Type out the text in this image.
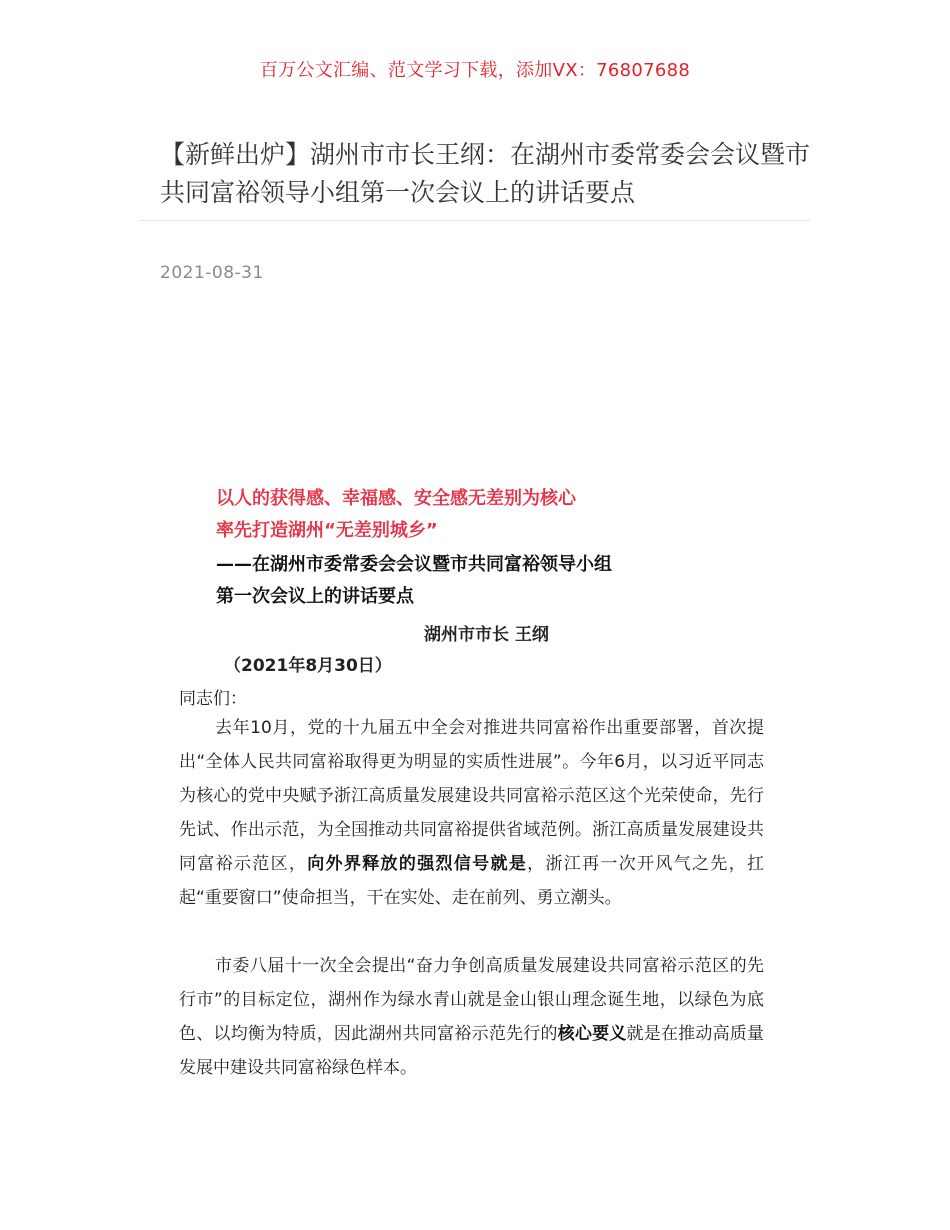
百万公文汇编、范文学习下载，添加VX：76807688
【新鲜出炉】湖州市市长王纲：在湖州市委常委会会议暨市共同富裕领导小组第一次会议上的讲话要点
2021-08-31
以人的获得感、幸福感、安全感无差别为核心
率先打造湖州“无差别城乡”
——在湖州市委常委会会议暨市共同富裕领导小组
第一次会议上的讲话要点
湖州市市长 王纲
（2021年8月30日）
同志们：

去年10月，党的十九届五中全会对推进共同富裕作出重要部署，首次提出“全体人民共同富裕取得更为明显的实质性进展”。今年6月，以习近平同志为核心的党中央赋予浙江高质量发展建设共同富裕示范区这个光荣使命，先行先试、作出示范，为全国推动共同富裕提供省域范例。浙江高质量发展建设共同富裕示范区，向外界释放的强烈信号就是，浙江再一次开风气之先，扛起“重要窗口”使命担当，干在实处、走在前列、勇立潮头。

市委八届十一次全会提出“奋力争创高质量发展建设共同富裕示范区的先行市”的目标定位，湖州作为绿水青山就是金山银山理念诞生地，以绿色为底色、以均衡为特质，因此湖州共同富裕示范先行的核心要义就是在推动高质量发展中建设共同富裕绿色样本。
